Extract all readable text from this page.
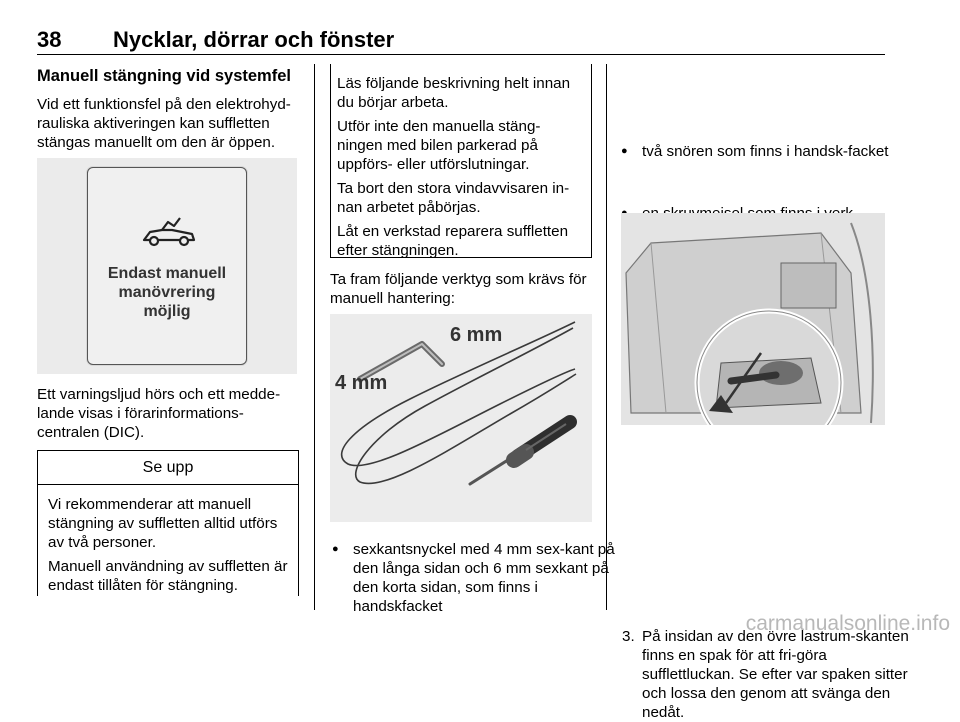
38 Nycklar, dörrar och fönster
Manuell stängning vid systemfel

Vid ett funktionsfel på den elektrohyd-rauliska aktiveringen kan suffletten stängas manuellt om den är öppen.

Endast manuell
manövrering
möjlig

Ett varningsljud hörs och ett medde-lande visas i förarinformations-centralen (DIC).

Se upp

Vi rekommenderar att manuell stängning av suffletten alltid utförs av två personer.

Manuell användning av suffletten är endast tillåten för stängning.

Läs följande beskrivning helt innan du börjar arbeta.

Utför inte den manuella stäng-ningen med bilen parkerad på uppförs- eller utförslutningar.

Ta bort den stora vindavvisaren in-nan arbetet påbörjas.

Låt en verkstad reparera suffletten efter stängningen.

Ta fram följande verktyg som krävs för manuell hantering:

6 mm
4 mm
● sexkantsnyckel med 4 mm sex-kant på den långa sidan och 6 mm sexkant på den korta sidan, som finns i handskfacket
● två snören som finns i handsk-facket
●
3. På insidan av den övre lastrum-skanten finns en spak för att fri-göra sufflettluckan. Se efter var spaken sitter och lossa den genom att svänga den nedåt.
carmanualsonline.info
